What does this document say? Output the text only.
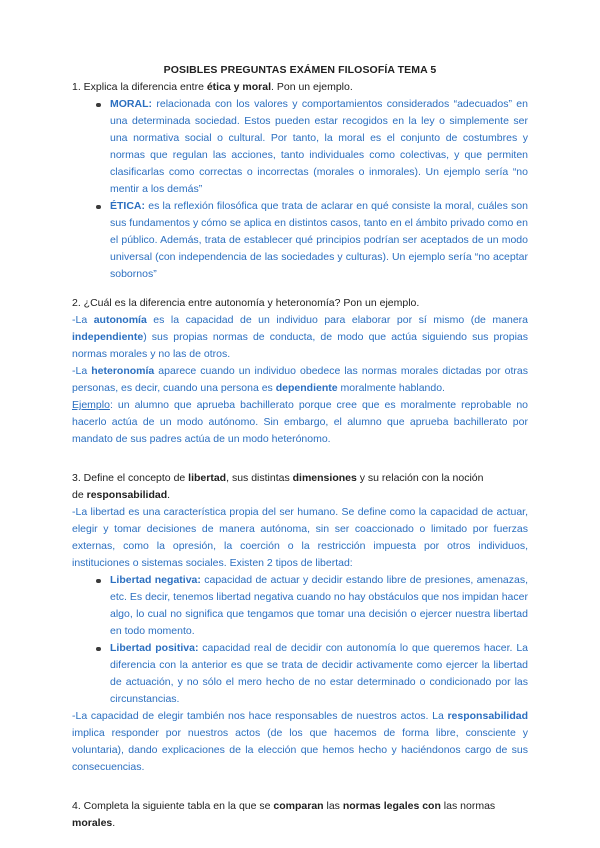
POSIBLES PREGUNTAS EXÁMEN FILOSOFÍA TEMA 5

1. Explica la diferencia entre ética y moral. Pon un ejemplo.

MORAL: relacionada con los valores y comportamientos considerados “adecuados” en una determinada sociedad. Estos pueden estar recogidos en la ley o simplemente ser una normativa social o cultural. Por tanto, la moral es el conjunto de costumbres y normas que regulan las acciones, tanto individuales como colectivas, y que permiten clasificarlas como correctas o incorrectas (morales o inmorales). Un ejemplo sería “no mentir a los demás”
ÉTICA: es la reflexión filosófica que trata de aclarar en qué consiste la moral, cuáles son sus fundamentos y cómo se aplica en distintos casos, tanto en el ámbito privado como en el público. Además, trata de establecer qué principios podrían ser aceptados de un modo universal (con independencia de las sociedades y culturas). Un ejemplo sería “no aceptar sobornos”

2. ¿Cuál es la diferencia entre autonomía y heteronomía? Pon un ejemplo.

-La autonomía es la capacidad de un individuo para elaborar por sí mismo (de manera independiente) sus propias normas de conducta, de modo que actúa siguiendo sus propias normas morales y no las de otros.

-La heteronomía aparece cuando un individuo obedece las normas morales dictadas por otras personas, es decir, cuando una persona es dependiente moralmente hablando.

Ejemplo: un alumno que aprueba bachillerato porque cree que es moralmente reprobable no hacerlo actúa de un modo autónomo. Sin embargo, el alumno que aprueba bachillerato por mandato de sus padres actúa de un modo heterónomo.

3. Define el concepto de libertad, sus distintas dimensiones y su relación con la noción
de responsabilidad.

-La libertad es una característica propia del ser humano. Se define como la capacidad de actuar, elegir y tomar decisiones de manera autónoma, sin ser coaccionado o limitado por fuerzas externas, como la opresión, la coerción o la restricción impuesta por otros individuos, instituciones o sistemas sociales. Existen 2 tipos de libertad:

Libertad negativa: capacidad de actuar y decidir estando libre de presiones, amenazas, etc. Es decir, tenemos libertad negativa cuando no hay obstáculos que nos impidan hacer algo, lo cual no significa que tengamos que tomar una decisión o ejercer nuestra libertad en todo momento.
Libertad positiva: capacidad real de decidir con autonomía lo que queremos hacer. La diferencia con la anterior es que se trata de decidir activamente como ejercer la libertad de actuación, y no sólo el mero hecho de no estar determinado o condicionado por las circunstancias.

-La capacidad de elegir también nos hace responsables de nuestros actos. La responsabilidad implica responder por nuestros actos (de los que hacemos de forma libre, consciente y voluntaria), dando explicaciones de la elección que hemos hecho y haciéndonos cargo de sus consecuencias.

4. Completa la siguiente tabla en la que se comparan las normas legales con las normas
morales.
